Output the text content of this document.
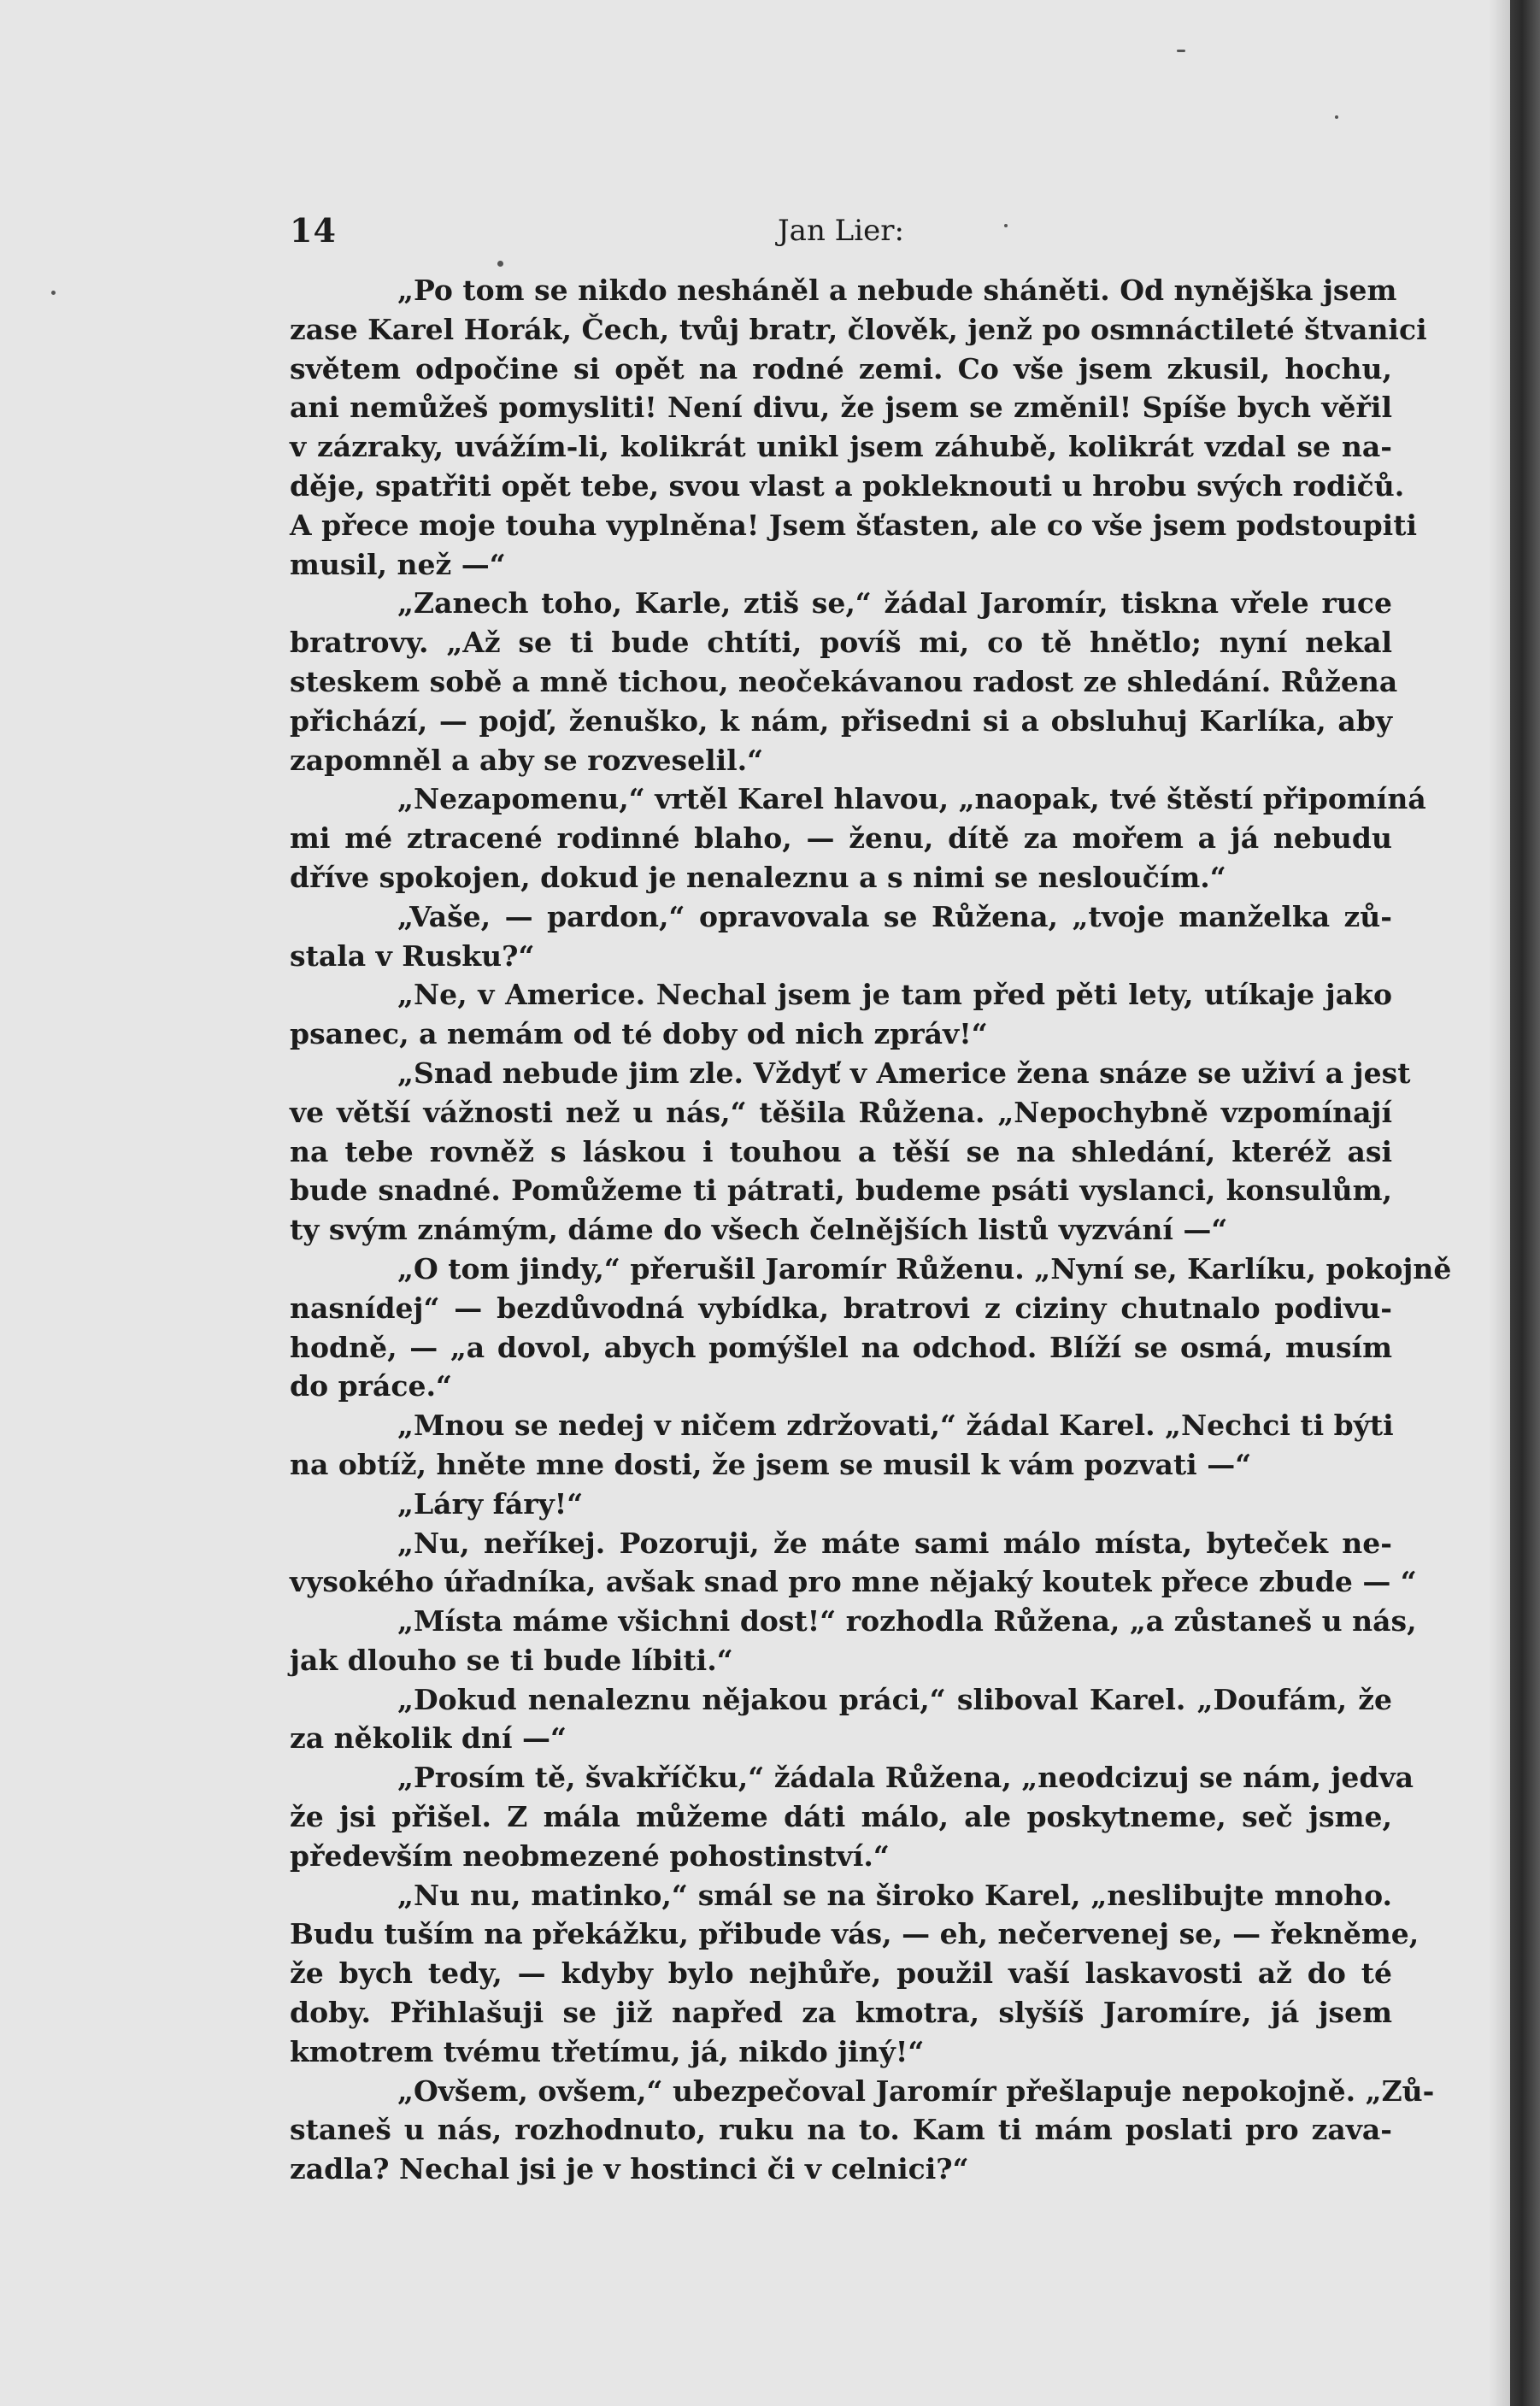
14	Jan Lier:
„Po tom se nikdo nesháněl a nebude sháněti. Od nynějška jsem
zase Karel Horák, Čech, tvůj bratr, člověk, jenž po osmnáctileté štvanici
světem odpočine si opět na rodné zemi. Co vše jsem zkusil, hochu,
ani nemůžeš pomysliti! Není divu, že jsem se změnil! Spíše bych věřil
v zázraky, uvážím-li, kolikrát unikl jsem záhubě, kolikrát vzdal se na-
děje, spatřiti opět tebe, svou vlast a pokleknouti u hrobu svých rodičů.
A přece moje touha vyplněna! Jsem šťasten, ale co vše jsem podstoupiti
musil, než —“
„Zanech toho, Karle, ztiš se,“ žádal Jaromír, tiskna vřele ruce
bratrovy. „Až se ti bude chtíti, povíš mi, co tě hnětlo; nyní nekal
steskem sobě a mně tichou, neočekávanou radost ze shledání. Růžena
přichází, — pojď, ženuško, k nám, přisedni si a obsluhuj Karlíka, aby
zapomněl a aby se rozveselil.“
„Nezapomenu,“ vrtěl Karel hlavou, „naopak, tvé štěstí připomíná
mi mé ztracené rodinné blaho, — ženu, dítě za mořem a já nebudu
dříve spokojen, dokud je nenaleznu a s nimi se nesloučím.“
„Vaše, — pardon,“ opravovala se Růžena, „tvoje manželka zů-
stala v Rusku?“
„Ne, v Americe. Nechal jsem je tam před pěti lety, utíkaje jako
psanec, a nemám od té doby od nich zpráv!“
„Snad nebude jim zle. Vždyť v Americe žena snáze se uživí a jest
ve větší vážnosti než u nás,“ těšila Růžena. „Nepochybně vzpomínají
na tebe rovněž s láskou i touhou a těší se na shledání, kteréž asi
bude snadné. Pomůžeme ti pátrati, budeme psáti vyslanci, konsulům,
ty svým známým, dáme do všech čelnějších listů vyzvání —“
„O tom jindy,“ přerušil Jaromír Růženu. „Nyní se, Karlíku, pokojně
nasnídej“ — bezdůvodná vybídka, bratrovi z ciziny chutnalo podivu-
hodně, — „a dovol, abych pomýšlel na odchod. Blíží se osmá, musím
do práce.“
„Mnou se nedej v ničem zdržovati,“ žádal Karel. „Nechci ti býti
na obtíž, hněte mne dosti, že jsem se musil k vám pozvati —“
„Láry fáry!“
„Nu, neříkej. Pozoruji, že máte sami málo místa, byteček ne-
vysokého úřadníka, avšak snad pro mne nějaký koutek přece zbude — “
„Místa máme všichni dost!“ rozhodla Růžena, „a zůstaneš u nás,
jak dlouho se ti bude líbiti.“
„Dokud nenaleznu nějakou práci,“ sliboval Karel. „Doufám, že
za několik dní —“
„Prosím tě, švakříčku,“ žádala Růžena, „neodcizuj se nám, jedva
že jsi přišel. Z mála můžeme dáti málo, ale poskytneme, seč jsme,
především neobmezené pohostinství.“
„Nu nu, matinko,“ smál se na široko Karel, „neslibujte mnoho.
Budu tuším na překážku, přibude vás, — eh, nečervenej se, — řekněme,
že bych tedy, — kdyby bylo nejhůře, použil vaší laskavosti až do té
doby. Přihlašuji se již napřed za kmotra, slyšíš Jaromíre, já jsem
kmotrem tvému třetímu, já, nikdo jiný!“
„Ovšem, ovšem,“ ubezpečoval Jaromír přešlapuje nepokojně. „Zů-
staneš u nás, rozhodnuto, ruku na to. Kam ti mám poslati pro zava-
zadla? Nechal jsi je v hostinci či v celnici?“
